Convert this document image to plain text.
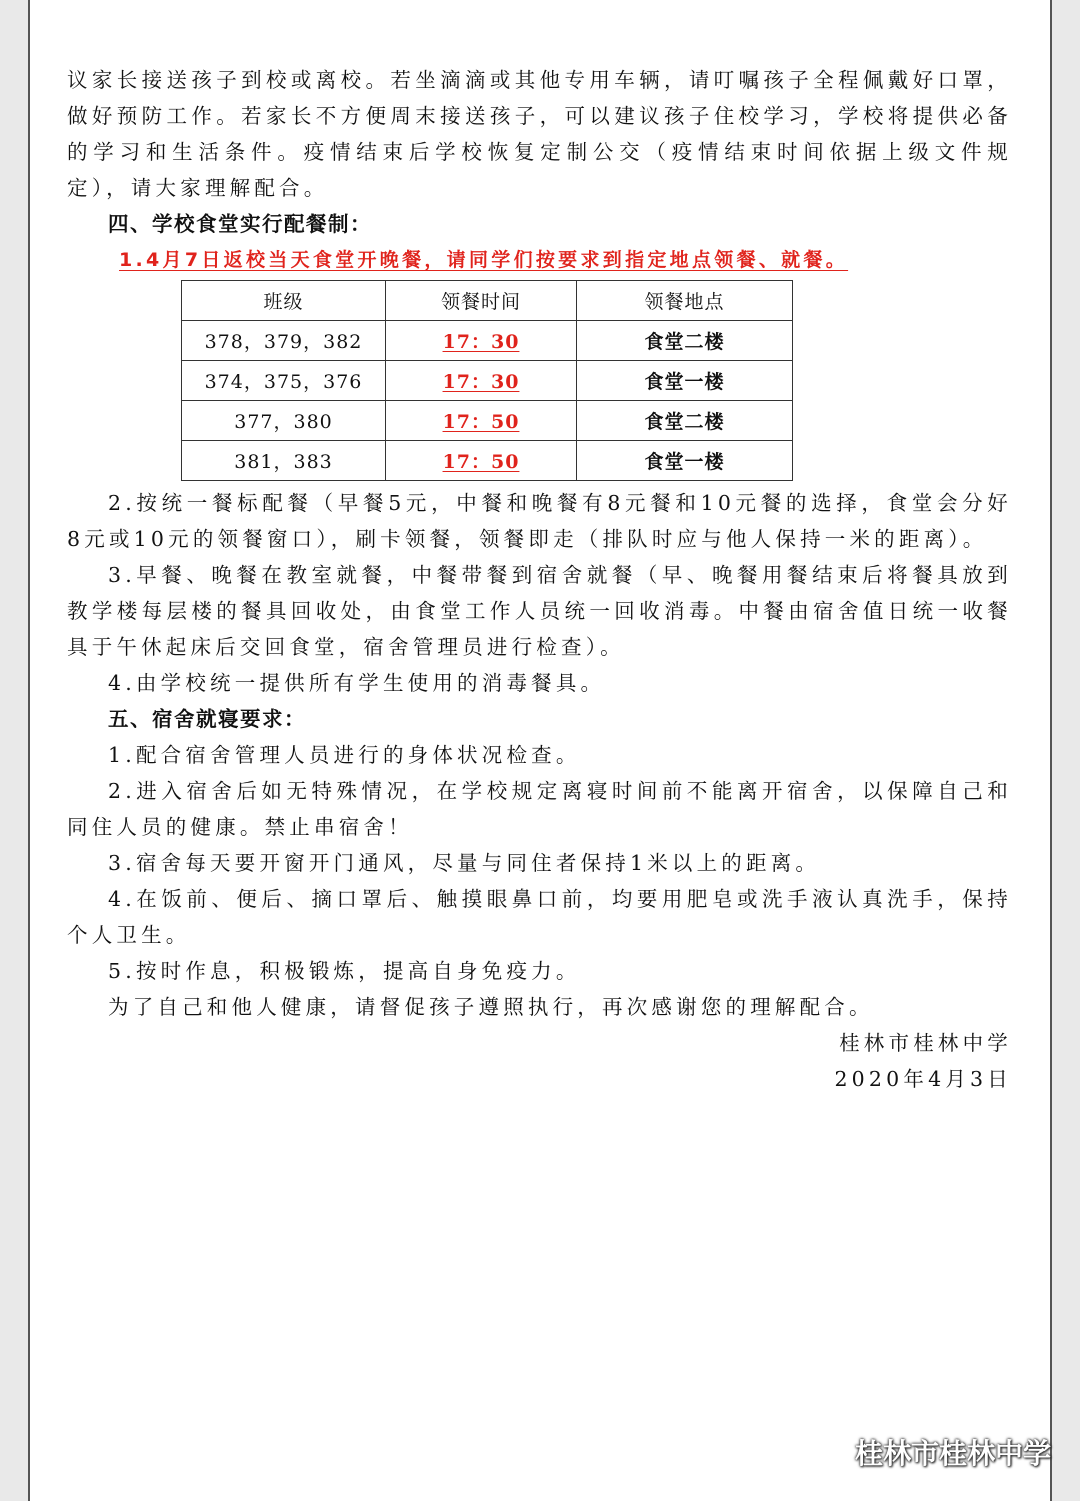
议家长接送孩子到校或离校。若坐滴滴或其他专用车辆，请叮嘱孩子全程佩戴好口罩，做好预防工作。若家长不方便周末接送孩子，可以建议孩子住校学习，学校将提供必备的学习和生活条件。疫情结束后学校恢复定制公交（疫情结束时间依据上级文件规定），请大家理解配合。

四、学校食堂实行配餐制：

1.4月7日返校当天食堂开晚餐，请同学们按要求到指定地点领餐、就餐。

班级	领餐时间	领餐地点
378，379，382	17：30	食堂二楼
374，375，376	17：30	食堂一楼
377，380	17：50	食堂二楼
381，383	17：50	食堂一楼

2.按统一餐标配餐（早餐5元，中餐和晚餐有8元餐和10元餐的选择，食堂会分好8元或10元的领餐窗口），刷卡领餐，领餐即走（排队时应与他人保持一米的距离）。

3.早餐、晚餐在教室就餐，中餐带餐到宿舍就餐（早、晚餐用餐结束后将餐具放到教学楼每层楼的餐具回收处，由食堂工作人员统一回收消毒。中餐由宿舍值日统一收餐具于午休起床后交回食堂，宿舍管理员进行检查）。

4.由学校统一提供所有学生使用的消毒餐具。

五、宿舍就寝要求：

1.配合宿舍管理人员进行的身体状况检查。

2.进入宿舍后如无特殊情况，在学校规定离寝时间前不能离开宿舍，以保障自己和同住人员的健康。禁止串宿舍！

3.宿舍每天要开窗开门通风，尽量与同住者保持1米以上的距离。

4.在饭前、便后、摘口罩后、触摸眼鼻口前，均要用肥皂或洗手液认真洗手，保持个人卫生。

5.按时作息，积极锻炼，提高自身免疫力。

为了自己和他人健康，请督促孩子遵照执行，再次感谢您的理解配合。

桂林市桂林中学

2020年4月3日

桂林市桂林中学
